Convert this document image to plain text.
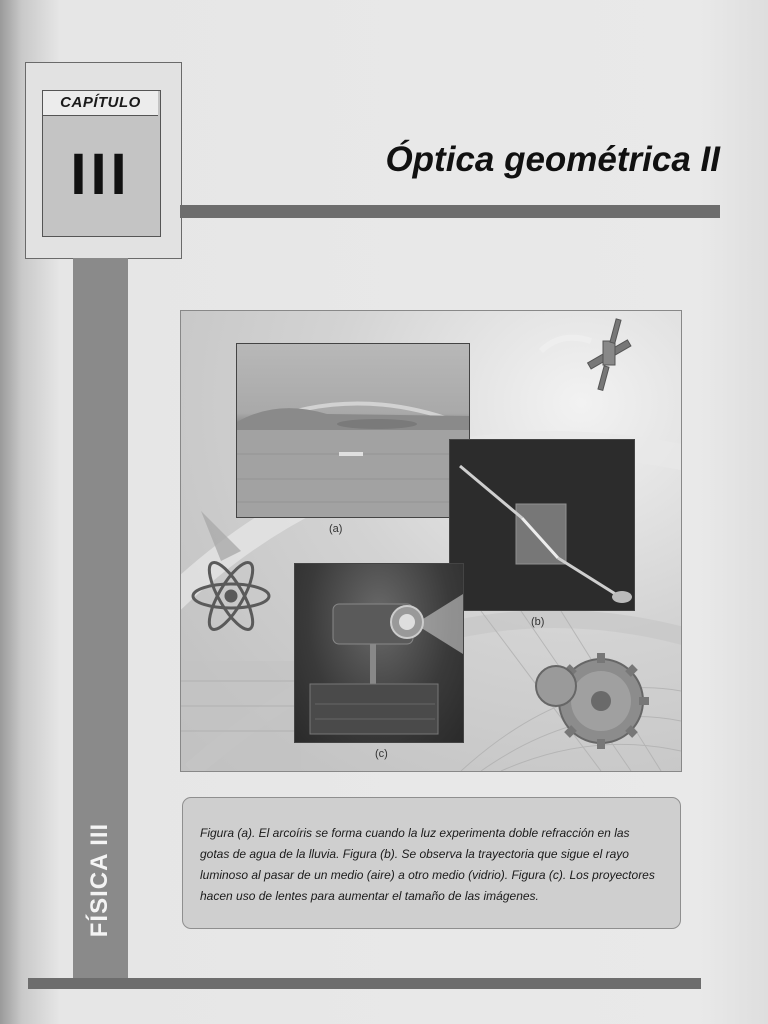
CAPÍTULO
III	Óptica geométrica II
FÍSICA III
(a)
(b)
(c)
Figura (a). El arcoíris se forma cuando la luz experimenta doble refracción en las gotas de agua de la lluvia. Figura (b). Se observa la trayectoria que sigue el rayo luminoso al pasar de un medio (aire) a otro medio (vidrio). Figura (c). Los proyectores hacen uso de lentes para aumentar el tamaño de las imágenes.
